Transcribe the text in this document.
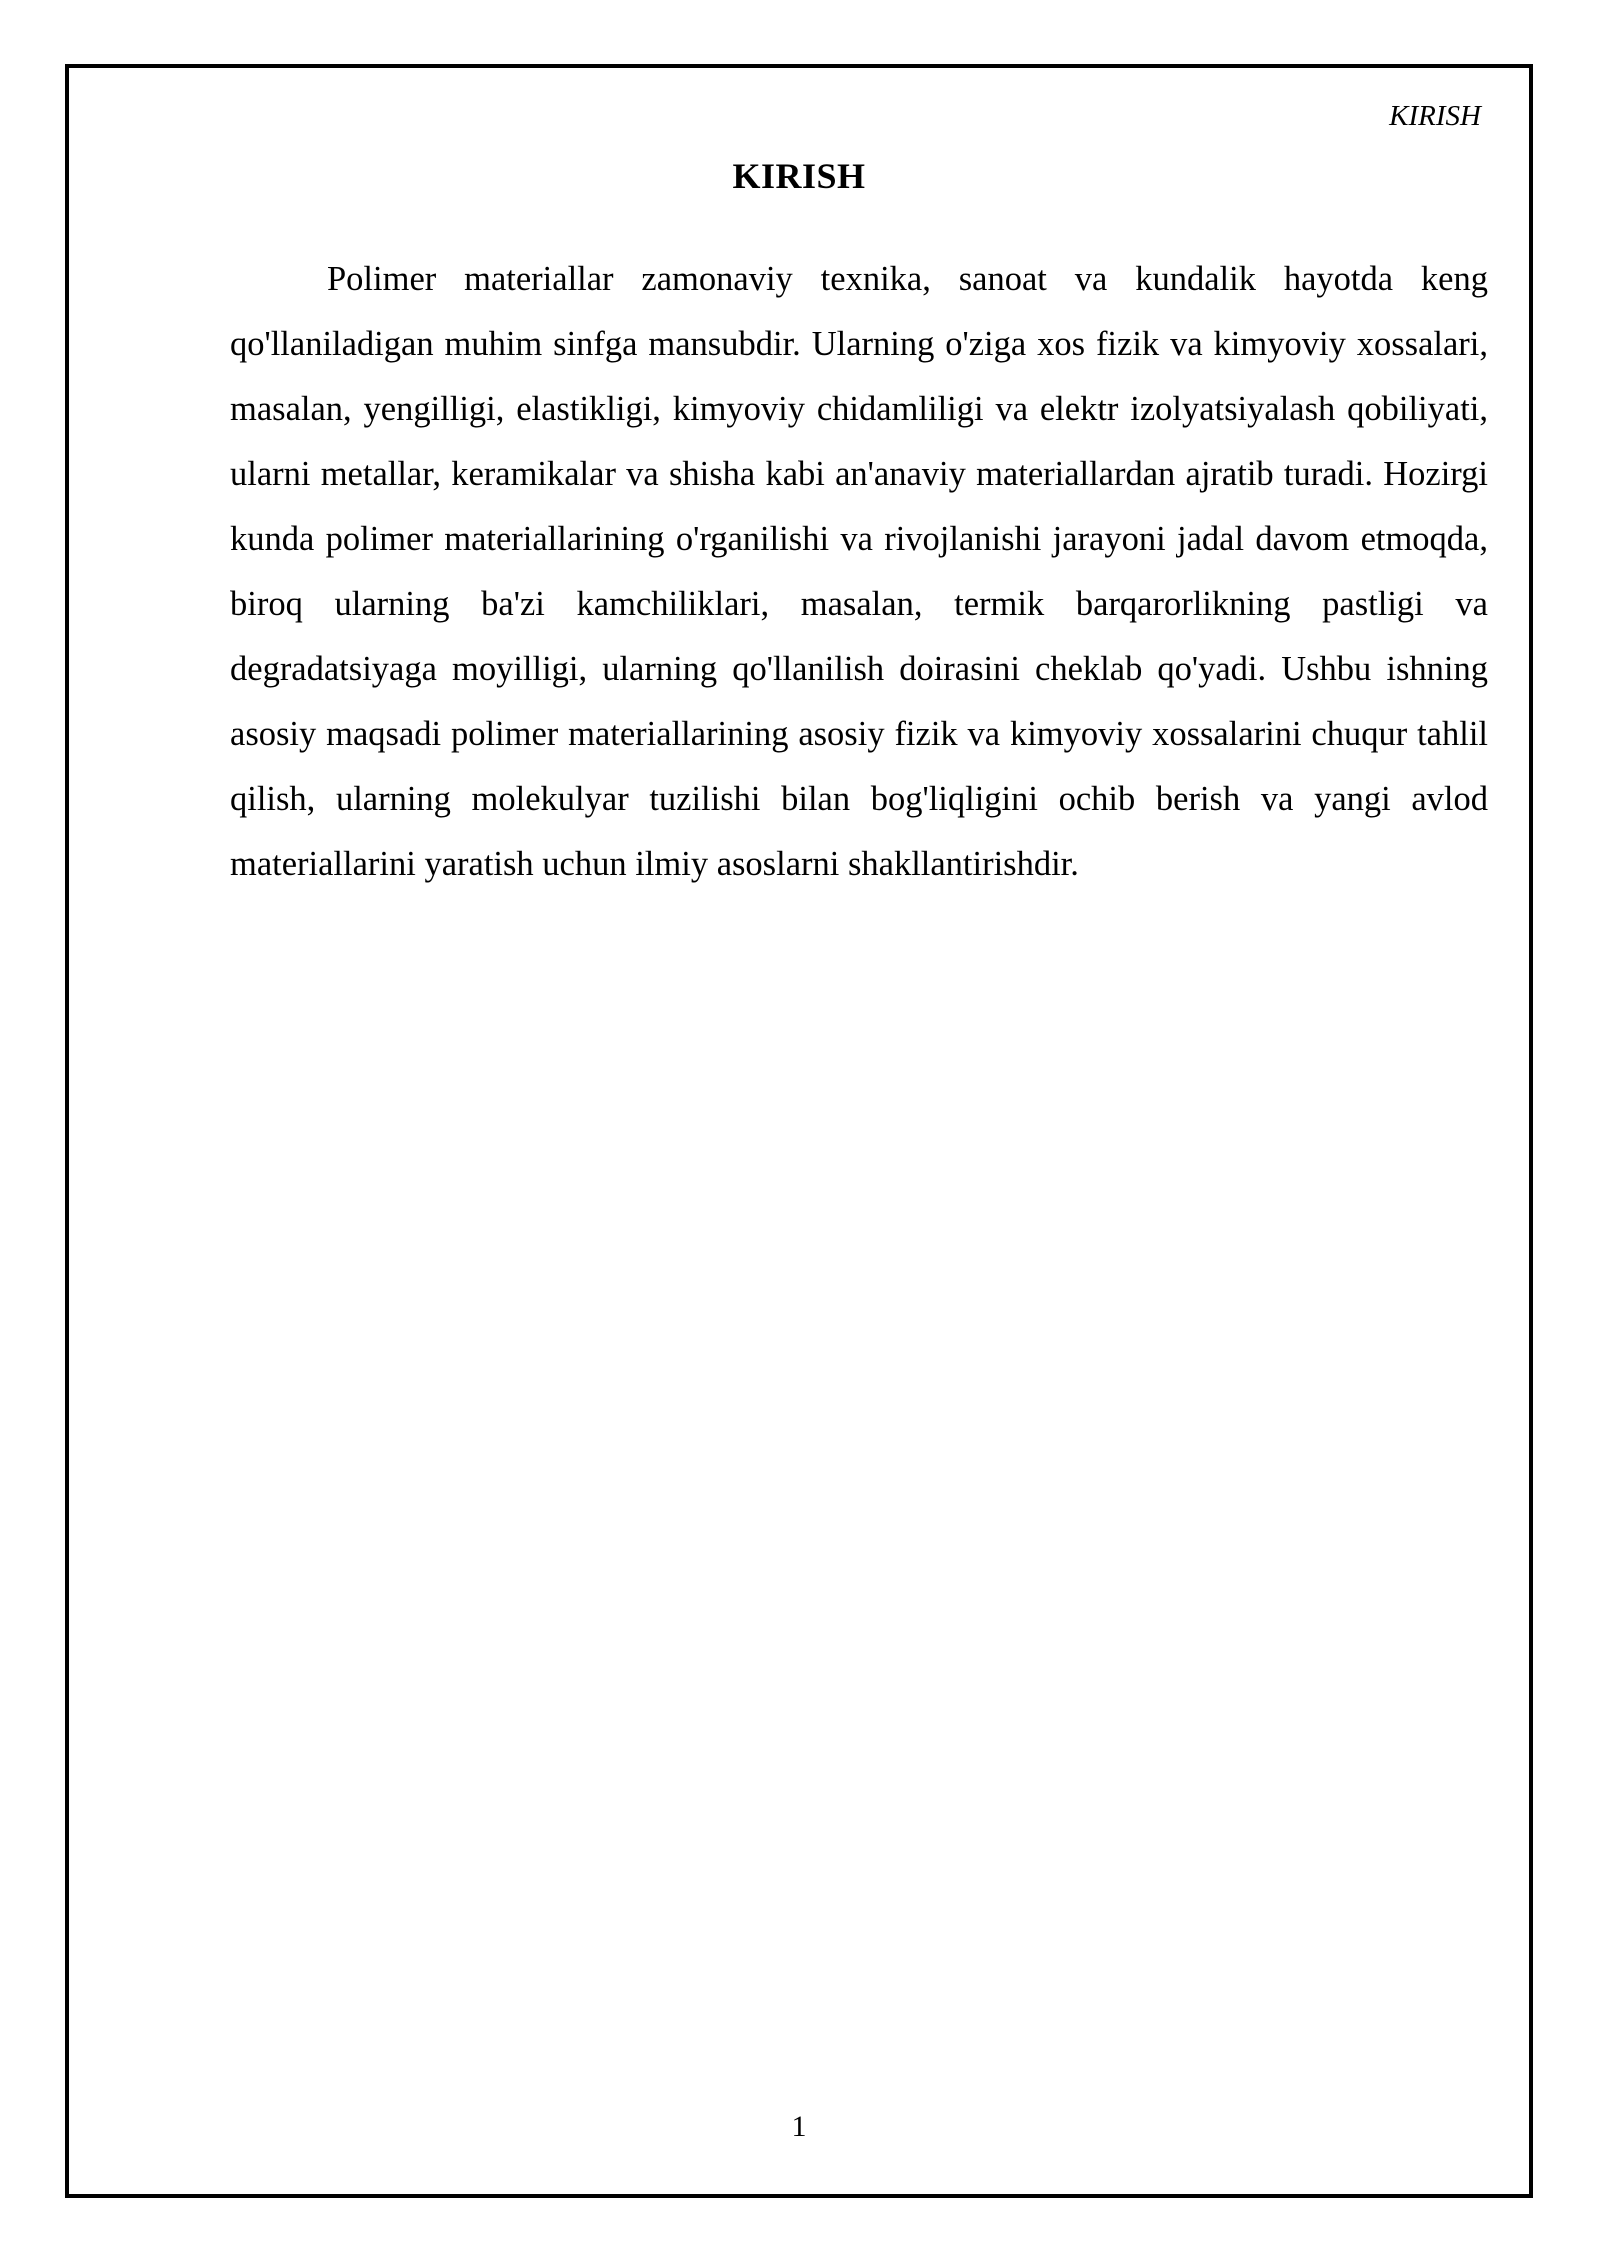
KIRISH
KIRISH

Polimer materiallar zamonaviy texnika, sanoat va kundalik hayotda keng qo'llaniladigan muhim sinfga mansubdir. Ularning o'ziga xos fizik va kimyoviy xossalari, masalan, yengilligi, elastikligi, kimyoviy chidamliligi va elektr izolyatsiyalash qobiliyati, ularni metallar, keramikalar va shisha kabi an'anaviy materiallardan ajratib turadi. Hozirgi kunda polimer materiallarining o'rganilishi va rivojlanishi jarayoni jadal davom etmoqda, biroq ularning ba'zi kamchiliklari, masalan, termik barqarorlikning pastligi va degradatsiyaga moyilligi, ularning qo'llanilish doirasini cheklab qo'yadi. Ushbu ishning asosiy maqsadi polimer materiallarining asosiy fizik va kimyoviy xossalarini chuqur tahlil qilish, ularning molekulyar tuzilishi bilan bog'liqligini ochib berish va yangi avlod materiallarini yaratish uchun ilmiy asoslarni shakllantirishdir.

1
